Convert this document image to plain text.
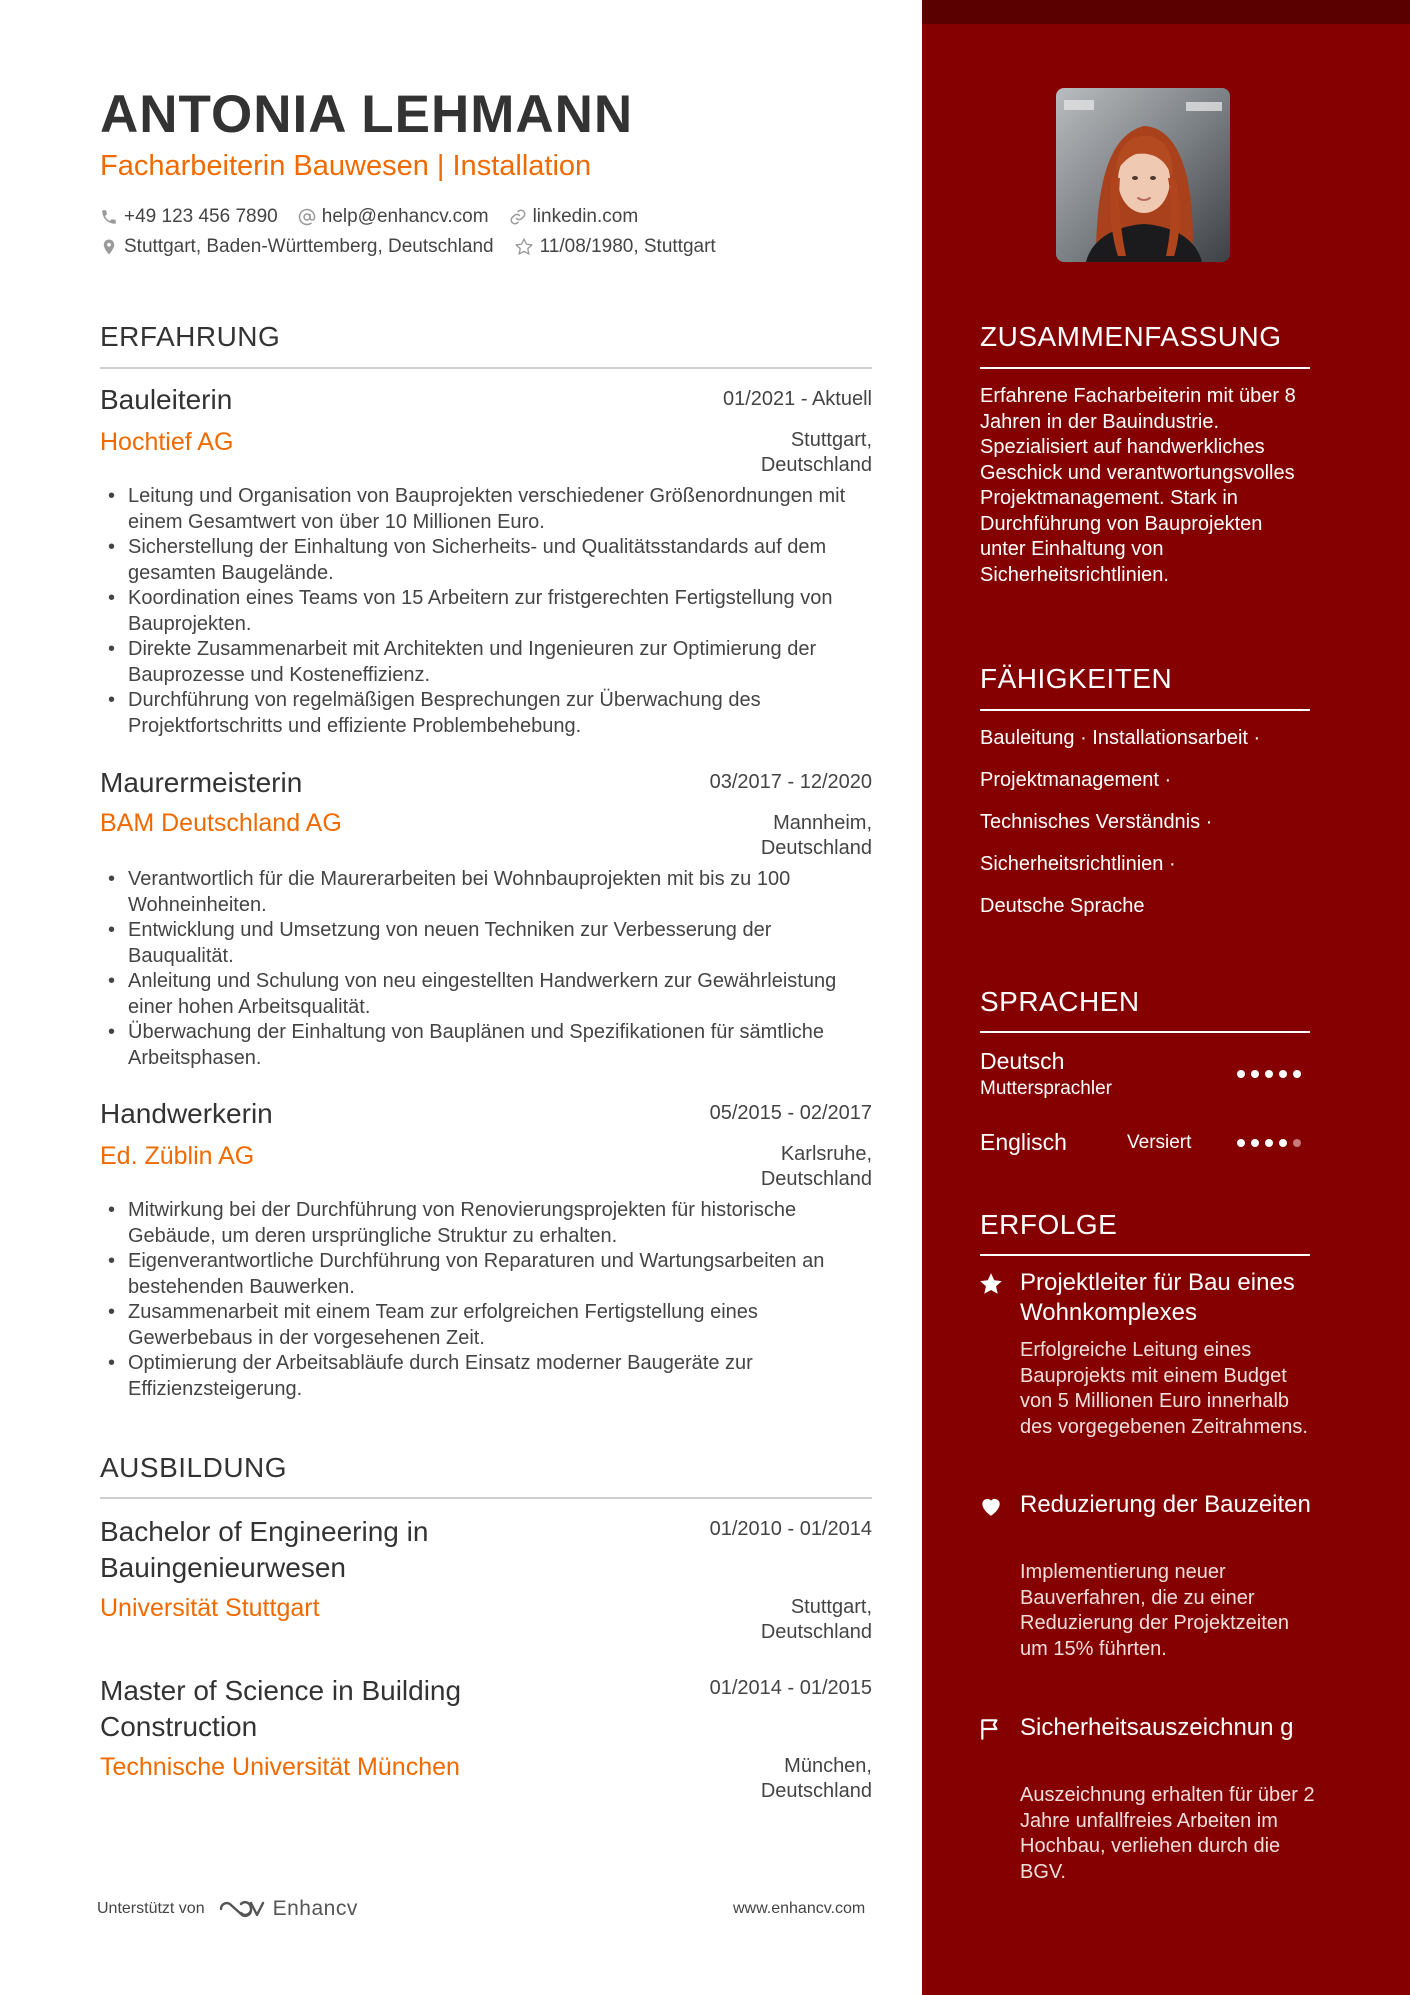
ANTONIA LEHMANN
Facharbeiterin Bauwesen | Installation
+49 123 456 7890 help@enhancv.com linkedin.com
Stuttgart, Baden-Württemberg, Deutschland 11/08/1980, Stuttgart
ERFAHRUNG
Bauleiterin	01/2021 - Aktuell
Hochtief AG	Stuttgart,
Deutschland
• Leitung und Organisation von Bauprojekten verschiedener Größenordnungen mit einem Gesamtwert von über 10 Millionen Euro.
• Sicherstellung der Einhaltung von Sicherheits- und Qualitätsstandards auf dem gesamten Baugelände.
• Koordination eines Teams von 15 Arbeitern zur fristgerechten Fertigstellung von Bauprojekten.
• Direkte Zusammenarbeit mit Architekten und Ingenieuren zur Optimierung der Bauprozesse und Kosteneffizienz.
• Durchführung von regelmäßigen Besprechungen zur Überwachung des Projektfortschritts und effiziente Problembehebung.
Maurermeisterin	03/2017 - 12/2020
BAM Deutschland AG	Mannheim,
Deutschland
• Verantwortlich für die Maurerarbeiten bei Wohnbauprojekten mit bis zu 100 Wohneinheiten.
• Entwicklung und Umsetzung von neuen Techniken zur Verbesserung der Bauqualität.
• Anleitung und Schulung von neu eingestellten Handwerkern zur Gewährleistung einer hohen Arbeitsqualität.
• Überwachung der Einhaltung von Bauplänen und Spezifikationen für sämtliche Arbeitsphasen.
Handwerkerin	05/2015 - 02/2017
Ed. Züblin AG	Karlsruhe,
Deutschland
• Mitwirkung bei der Durchführung von Renovierungsprojekten für historische Gebäude, um deren ursprüngliche Struktur zu erhalten.
• Eigenverantwortliche Durchführung von Reparaturen und Wartungsarbeiten an bestehenden Bauwerken.
• Zusammenarbeit mit einem Team zur erfolgreichen Fertigstellung eines Gewerbebaus in der vorgesehenen Zeit.
• Optimierung der Arbeitsabläufe durch Einsatz moderner Baugeräte zur Effizienzsteigerung.
AUSBILDUNG
Bachelor of Engineering in Bauingenieurwesen
01/2010 - 01/2014
Universität Stuttgart	Stuttgart,
Deutschland
Master of Science in Building Construction
01/2014 - 01/2015
Technische Universität München	München,
Deutschland
Unterstützt von	Enhancv	www.enhancv.com
ZUSAMMENFASSUNG
Erfahrene Facharbeiterin mit über 8 Jahren in der Bauindustrie. Spezialisiert auf handwerkliches Geschick und verantwortungsvolles Projektmanagement. Stark in Durchführung von Bauprojekten unter Einhaltung von Sicherheitsrichtlinien.
FÄHIGKEITEN
Bauleitung · Installationsarbeit ·
Projektmanagement ·
Technisches Verständnis ·
Sicherheitsrichtlinien ·
Deutsche Sprache
SPRACHEN
Deutsch
Muttersprachler
Englisch	Versiert
ERFOLGE
Projektleiter für Bau eines Wohnkomplexes
Erfolgreiche Leitung eines Bauprojekts mit einem Budget von 5 Millionen Euro innerhalb des vorgegebenen Zeitrahmens.
Reduzierung der Bauzeiten
Implementierung neuer Bauverfahren, die zu einer Reduzierung der Projektzeiten um 15% führten.
Sicherheitsauszeichnun g
Auszeichnung erhalten für über 2 Jahre unfallfreies Arbeiten im Hochbau, verliehen durch die BGV.
